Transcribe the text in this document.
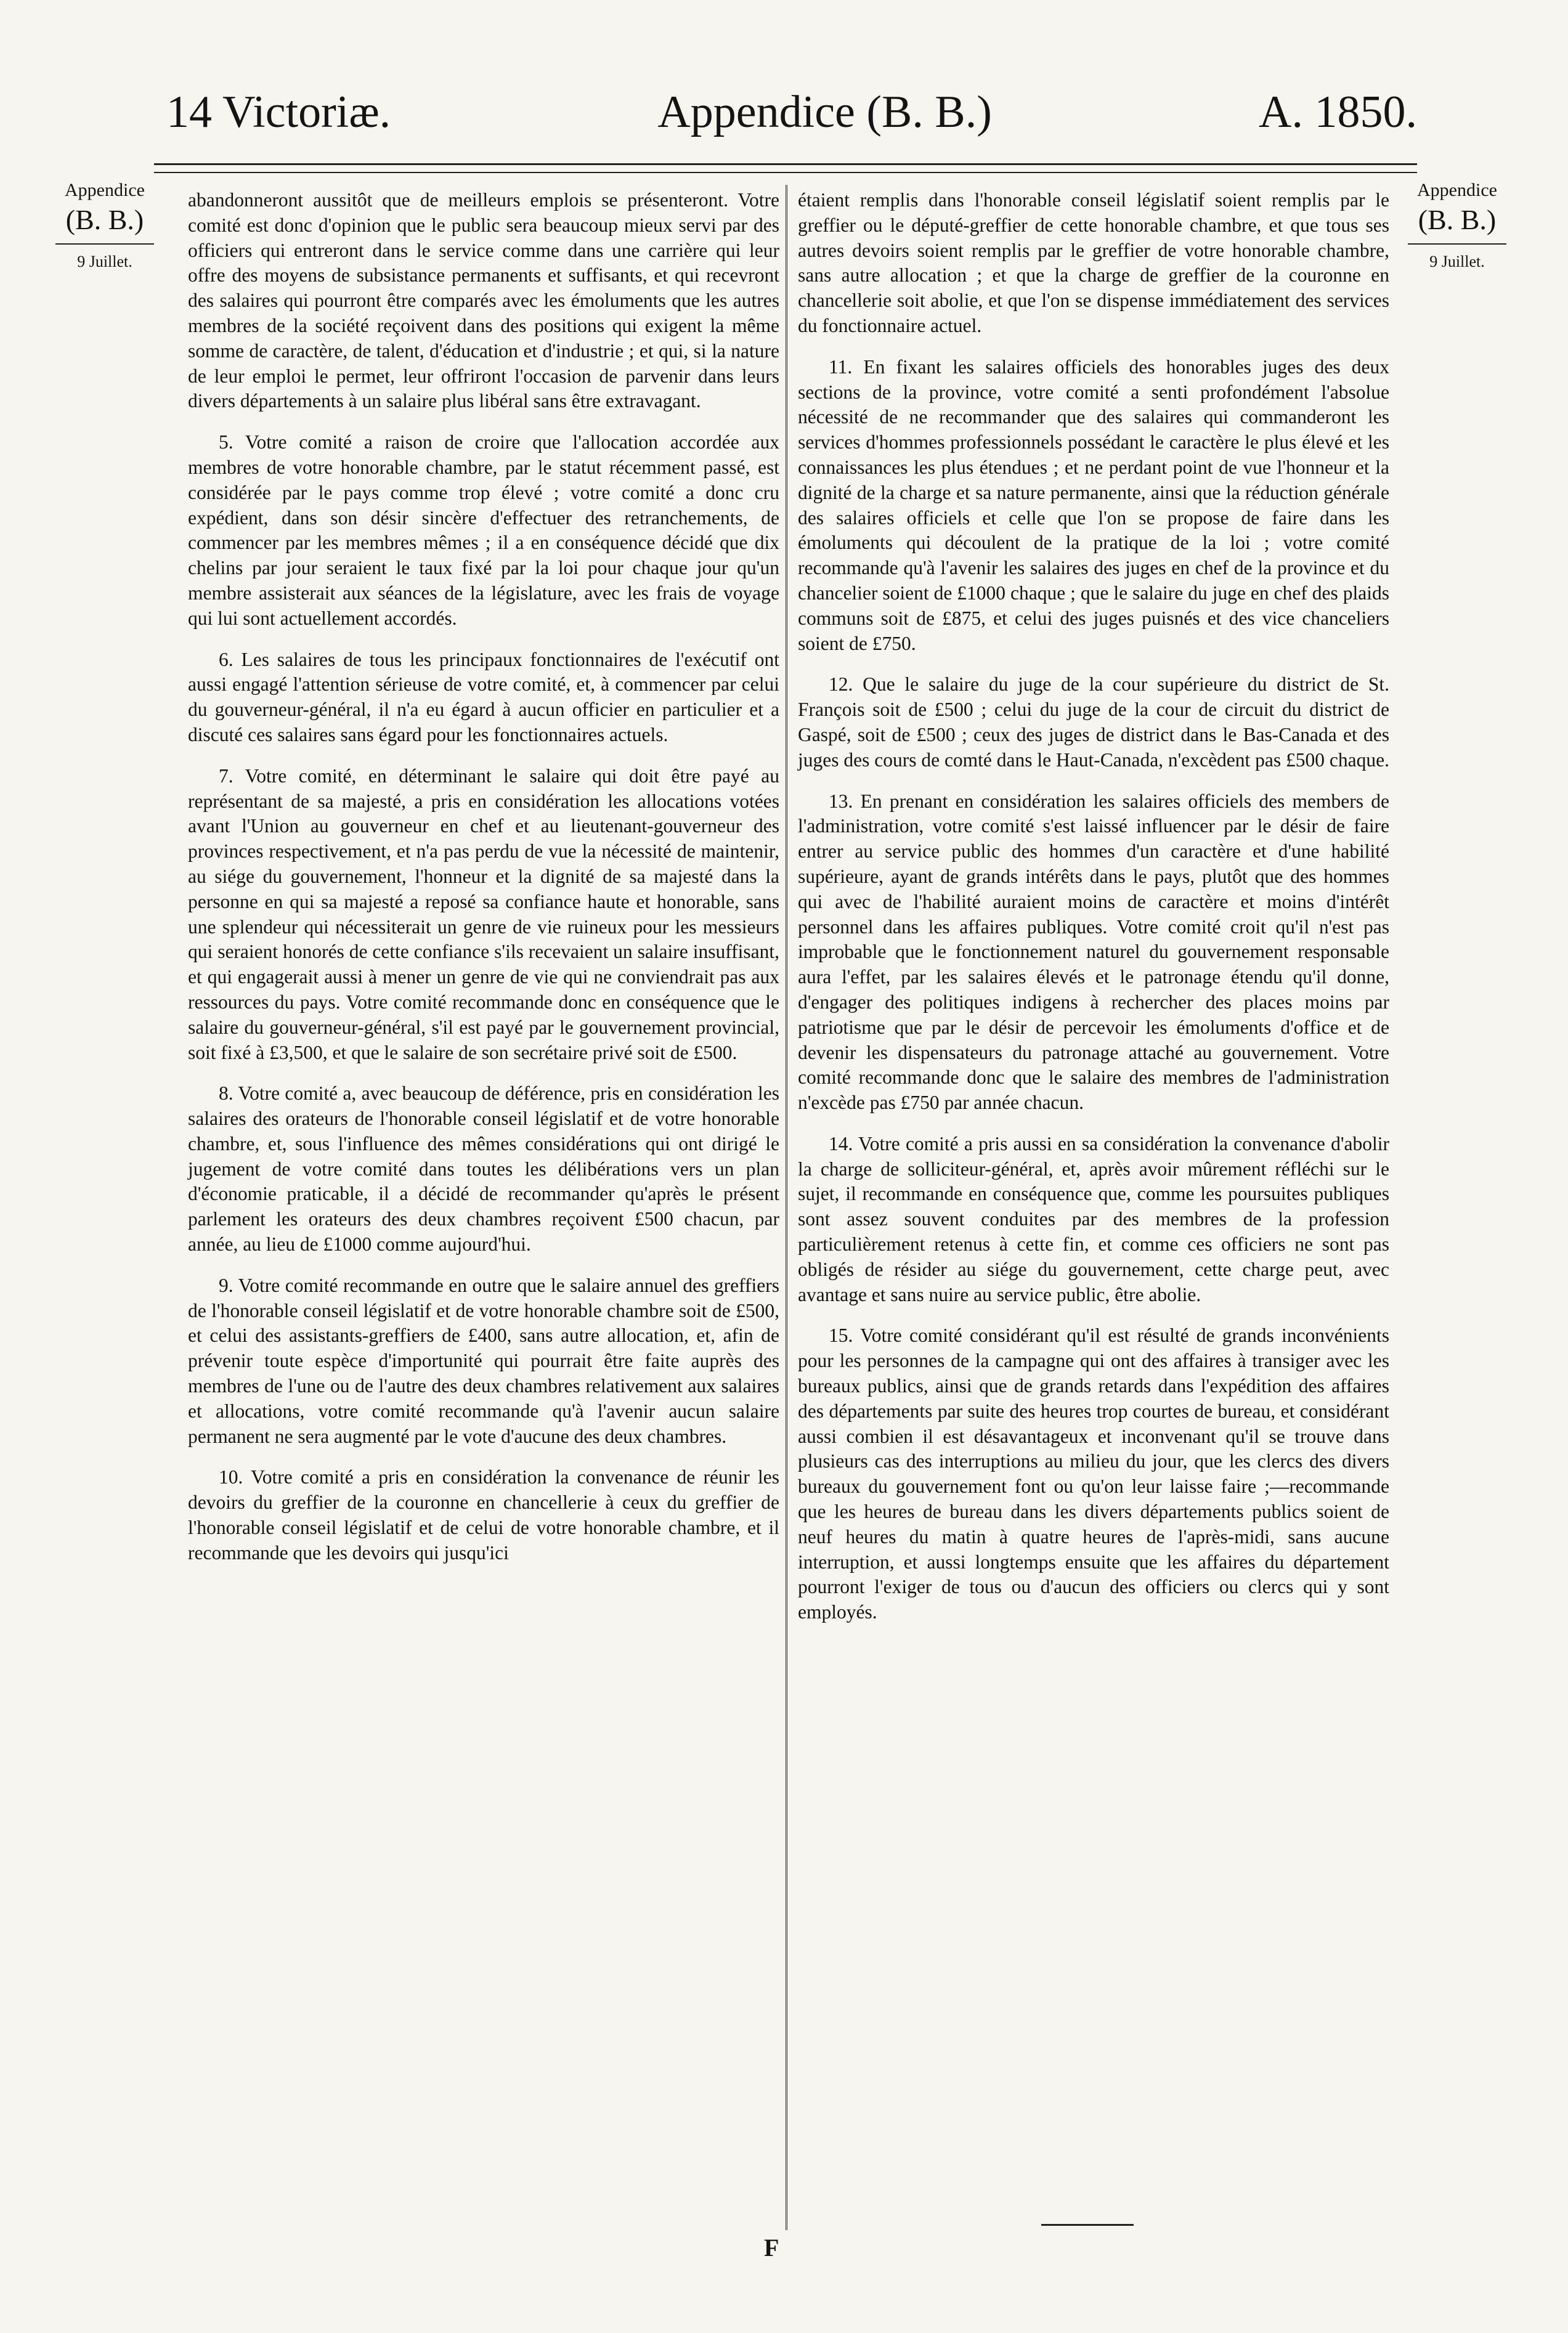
14 Victoriæ.	Appendice (B. B.)	A. 1850.
Appendice
(B. B.)
9 Juillet.
Appendice
(B. B.)
9 Juillet.

abandonneront aussitôt que de meilleurs emplois se présenteront. Votre comité est donc d'opinion que le public sera beaucoup mieux servi par des officiers qui entreront dans le service comme dans une carrière qui leur offre des moyens de subsistance permanents et suffisants, et qui recevront des salaires qui pourront être comparés avec les émoluments que les autres membres de la société reçoivent dans des positions qui exigent la même somme de caractère, de talent, d'éducation et d'industrie ; et qui, si la nature de leur emploi le permet, leur offriront l'occasion de parvenir dans leurs divers départements à un salaire plus libéral sans être extravagant.

5. Votre comité a raison de croire que l'allocation accordée aux membres de votre honorable chambre, par le statut récemment passé, est considérée par le pays comme trop élevé ; votre comité a donc cru expédient, dans son désir sincère d'effectuer des retranchements, de commencer par les membres mêmes ; il a en conséquence décidé que dix chelins par jour seraient le taux fixé par la loi pour chaque jour qu'un membre assisterait aux séances de la législature, avec les frais de voyage qui lui sont actuellement accordés.

6. Les salaires de tous les principaux fonctionnaires de l'exécutif ont aussi engagé l'attention sérieuse de votre comité, et, à commencer par celui du gouverneur-général, il n'a eu égard à aucun officier en particulier et a discuté ces salaires sans égard pour les fonctionnaires actuels.

7. Votre comité, en déterminant le salaire qui doit être payé au représentant de sa majesté, a pris en considération les allocations votées avant l'Union au gouverneur en chef et au lieutenant-gouverneur des provinces respectivement, et n'a pas perdu de vue la nécessité de maintenir, au siége du gouvernement, l'honneur et la dignité de sa majesté dans la personne en qui sa majesté a reposé sa confiance haute et honorable, sans une splendeur qui nécessiterait un genre de vie ruineux pour les messieurs qui seraient honorés de cette confiance s'ils recevaient un salaire insuffisant, et qui engagerait aussi à mener un genre de vie qui ne conviendrait pas aux ressources du pays. Votre comité recommande donc en conséquence que le salaire du gouverneur-général, s'il est payé par le gouvernement provincial, soit fixé à £3,500, et que le salaire de son secrétaire privé soit de £500.

8. Votre comité a, avec beaucoup de déférence, pris en considération les salaires des orateurs de l'honorable conseil législatif et de votre honorable chambre, et, sous l'influence des mêmes considérations qui ont dirigé le jugement de votre comité dans toutes les délibérations vers un plan d'économie praticable, il a décidé de recommander qu'après le présent parlement les orateurs des deux chambres reçoivent £500 chacun, par année, au lieu de £1000 comme aujourd'hui.

9. Votre comité recommande en outre que le salaire annuel des greffiers de l'honorable conseil législatif et de votre honorable chambre soit de £500, et celui des assistants-greffiers de £400, sans autre allocation, et, afin de prévenir toute espèce d'importunité qui pourrait être faite auprès des membres de l'une ou de l'autre des deux chambres relativement aux salaires et allocations, votre comité recommande qu'à l'avenir aucun salaire permanent ne sera augmenté par le vote d'aucune des deux chambres.

10. Votre comité a pris en considération la convenance de réunir les devoirs du greffier de la couronne en chancellerie à ceux du greffier de l'honorable conseil législatif et de celui de votre honorable chambre, et il recommande que les devoirs qui jusqu'ici

étaient remplis dans l'honorable conseil législatif soient remplis par le greffier ou le député-greffier de cette honorable chambre, et que tous ses autres devoirs soient remplis par le greffier de votre honorable chambre, sans autre allocation ; et que la charge de greffier de la couronne en chancellerie soit abolie, et que l'on se dispense immédiatement des services du fonctionnaire actuel.

11. En fixant les salaires officiels des honorables juges des deux sections de la province, votre comité a senti profondément l'absolue nécessité de ne recommander que des salaires qui commanderont les services d'hommes professionnels possédant le caractère le plus élevé et les connaissances les plus étendues ; et ne perdant point de vue l'honneur et la dignité de la charge et sa nature permanente, ainsi que la réduction générale des salaires officiels et celle que l'on se propose de faire dans les émoluments qui découlent de la pratique de la loi ; votre comité recommande qu'à l'avenir les salaires des juges en chef de la province et du chancelier soient de £1000 chaque ; que le salaire du juge en chef des plaids communs soit de £875, et celui des juges puisnés et des vice chanceliers soient de £750.

12. Que le salaire du juge de la cour supérieure du district de St. François soit de £500 ; celui du juge de la cour de circuit du district de Gaspé, soit de £500 ; ceux des juges de district dans le Bas-Canada et des juges des cours de comté dans le Haut-Canada, n'excèdent pas £500 chaque.

13. En prenant en considération les salaires officiels des members de l'administration, votre comité s'est laissé influencer par le désir de faire entrer au service public des hommes d'un caractère et d'une habilité supérieure, ayant de grands intérêts dans le pays, plutôt que des hommes qui avec de l'habilité auraient moins de caractère et moins d'intérêt personnel dans les affaires publiques. Votre comité croit qu'il n'est pas improbable que le fonctionnement naturel du gouvernement responsable aura l'effet, par les salaires élevés et le patronage étendu qu'il donne, d'engager des politiques indigens à rechercher des places moins par patriotisme que par le désir de percevoir les émoluments d'office et de devenir les dispensateurs du patronage attaché au gouvernement. Votre comité recommande donc que le salaire des membres de l'administration n'excède pas £750 par année chacun.

14. Votre comité a pris aussi en sa considération la convenance d'abolir la charge de solliciteur-général, et, après avoir mûrement réfléchi sur le sujet, il recommande en conséquence que, comme les poursuites publiques sont assez souvent conduites par des membres de la profession particulièrement retenus à cette fin, et comme ces officiers ne sont pas obligés de résider au siége du gouvernement, cette charge peut, avec avantage et sans nuire au service public, être abolie.

15. Votre comité considérant qu'il est résulté de grands inconvénients pour les personnes de la campagne qui ont des affaires à transiger avec les bureaux publics, ainsi que de grands retards dans l'expédition des affaires des départements par suite des heures trop courtes de bureau, et considérant aussi combien il est désavantageux et inconvenant qu'il se trouve dans plusieurs cas des interruptions au milieu du jour, que les clercs des divers bureaux du gouvernement font ou qu'on leur laisse faire ;—recommande que les heures de bureau dans les divers départements publics soient de neuf heures du matin à quatre heures de l'après-midi, sans aucune interruption, et aussi longtemps ensuite que les affaires du département pourront l'exiger de tous ou d'aucun des officiers ou clercs qui y sont employés.

F
